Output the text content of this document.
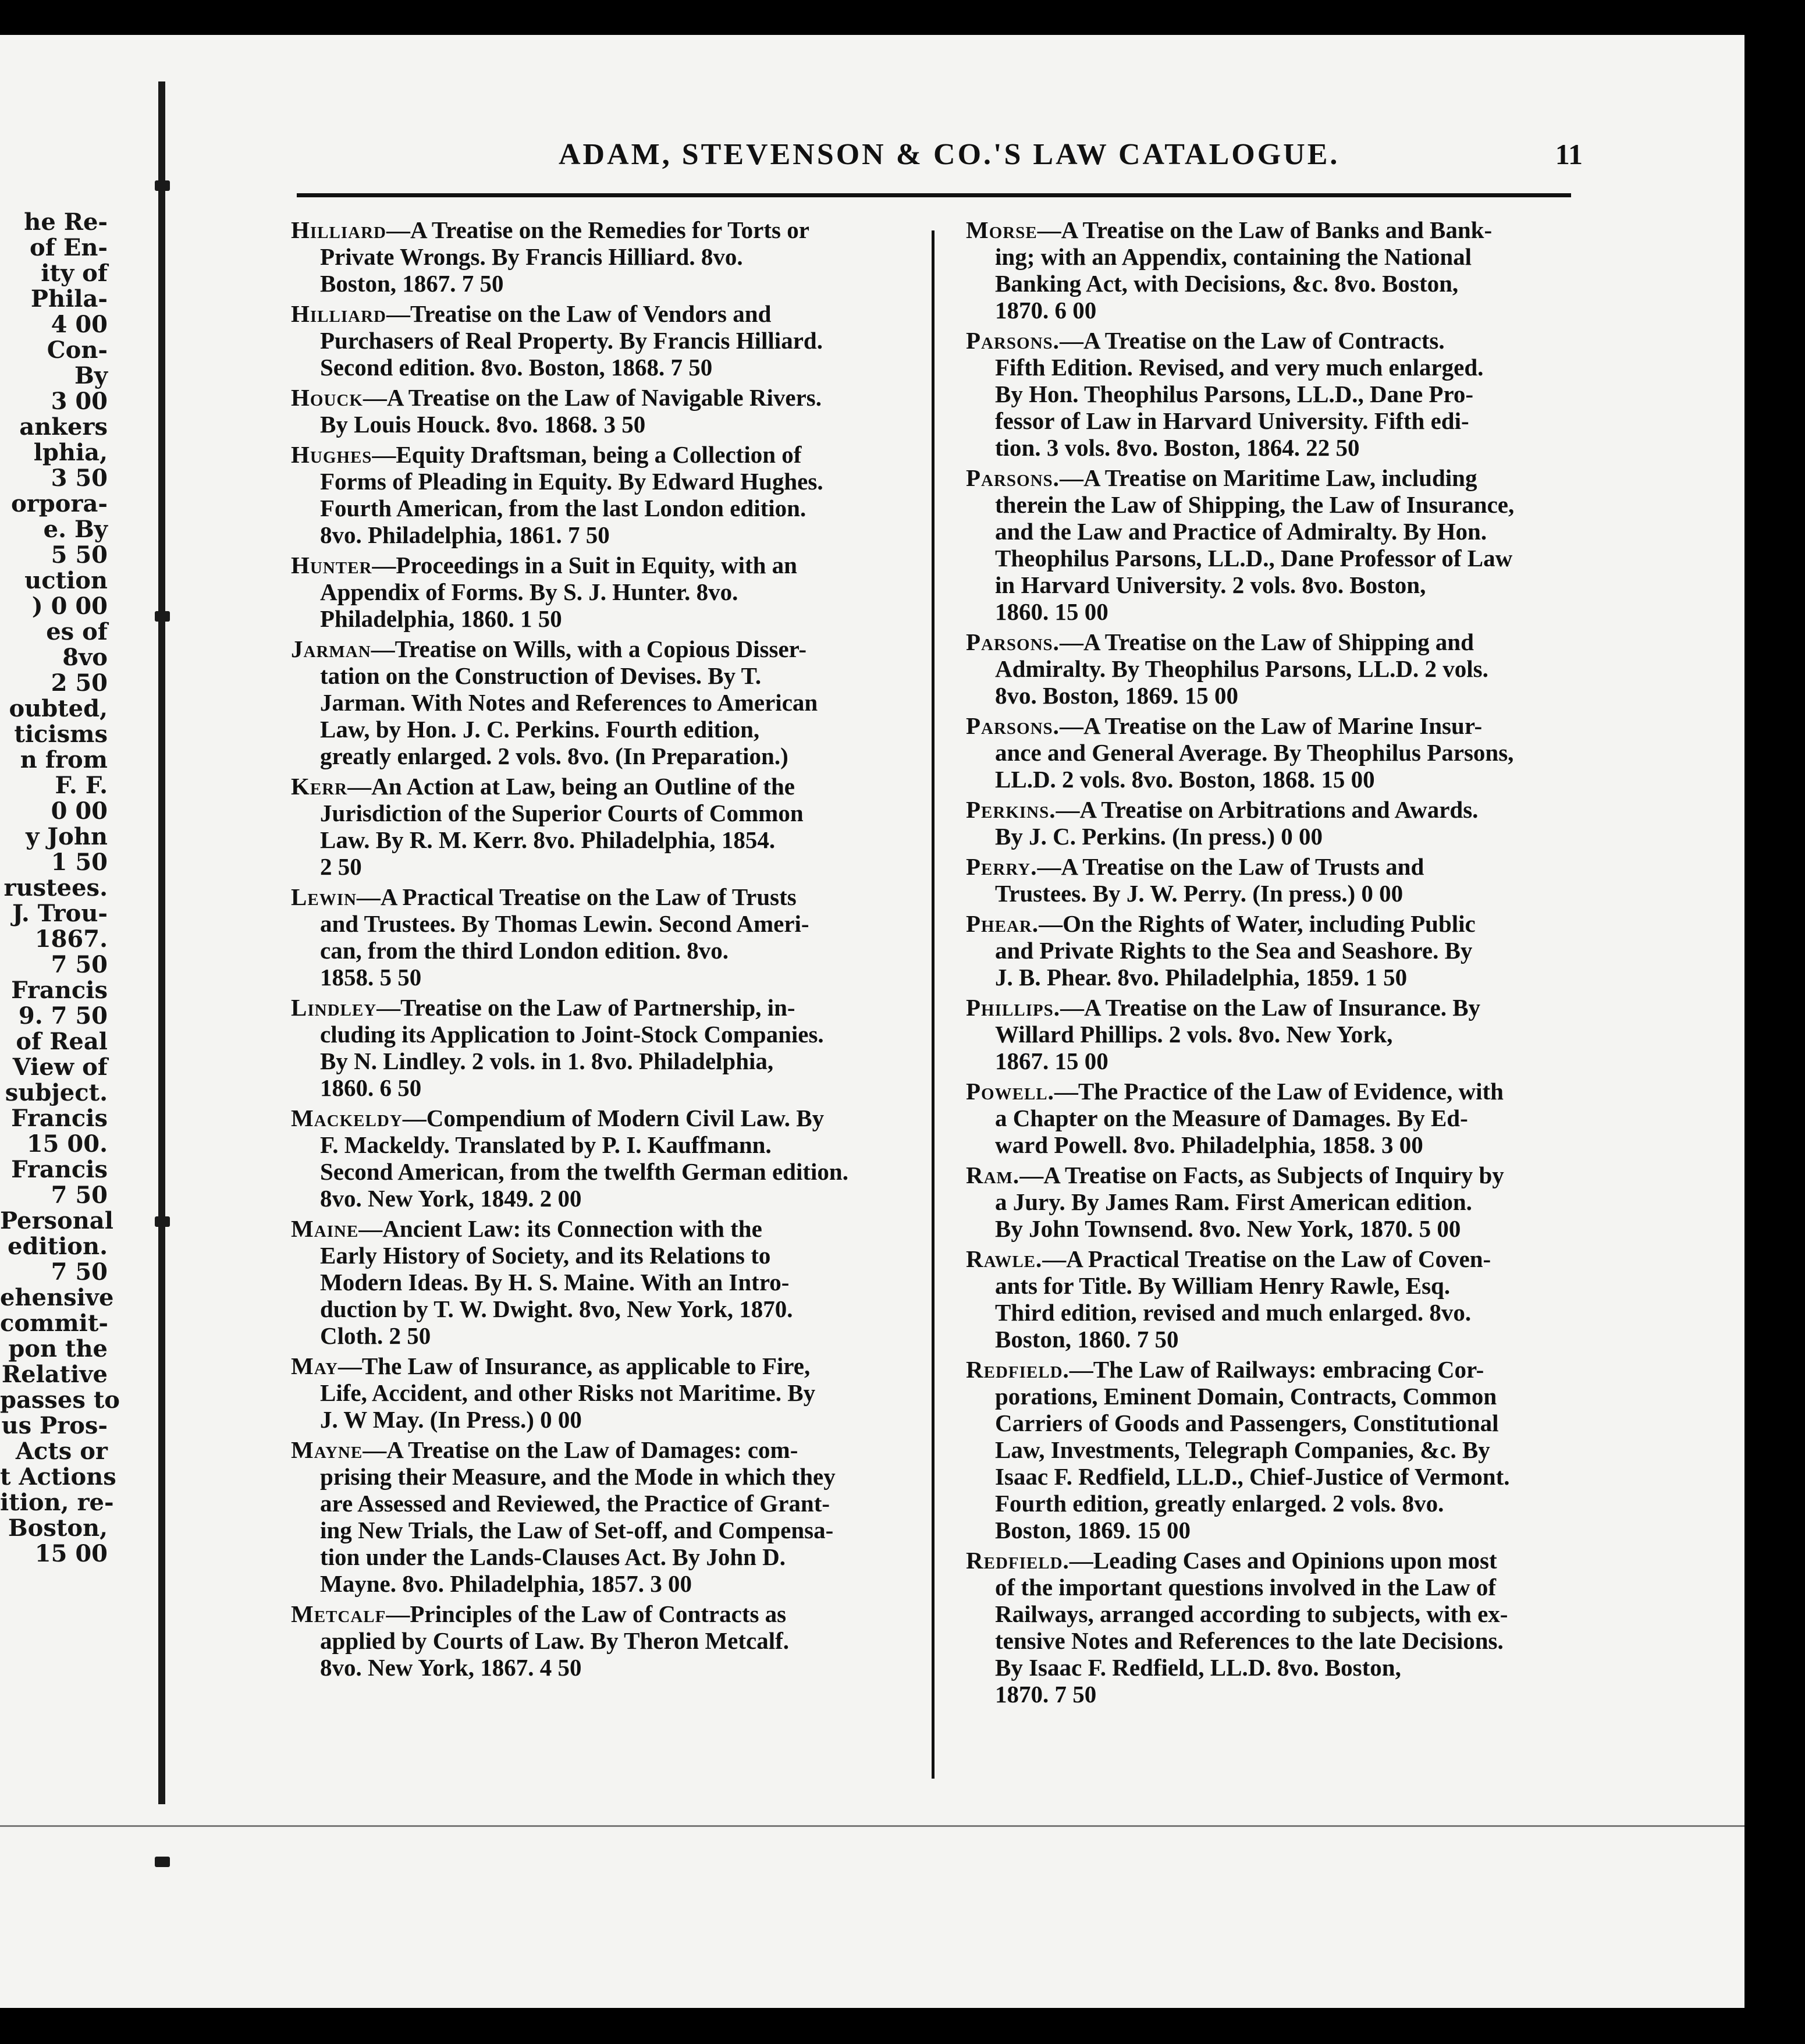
he Re-
of En-
ity of
Phila-
4 00
Con-
By
3 00
ankers
lphia,
3 50
orpora-
e. By
5 50
uction
) 0 00
es of
8vo
2 50
oubted,
ticisms
n from
F. F.
0 00
y John
1 50
rustees.
J. Trou-
1867.
7 50
Francis
9. 7 50
of Real
View of
subject.
Francis
15 00.
Francis
7 50
Personal
edition.
7 50
ehensive
commit-
pon the
Relative
passes to
us Pros-
Acts or
t Actions
ition, re-
Boston,
15 00
ADAM, STEVENSON & CO.'S LAW CATALOGUE.	11
Hilliard—A Treatise on the Remedies for Torts or
Private Wrongs. By Francis Hilliard. 8vo.
Boston, 1867. 7 50
Hilliard—Treatise on the Law of Vendors and
Purchasers of Real Property. By Francis Hilliard.
Second edition. 8vo. Boston, 1868. 7 50
Houck—A Treatise on the Law of Navigable Rivers.
By Louis Houck. 8vo. 1868. 3 50
Hughes—Equity Draftsman, being a Collection of
Forms of Pleading in Equity. By Edward Hughes.
Fourth American, from the last London edition.
8vo. Philadelphia, 1861. 7 50
Hunter—Proceedings in a Suit in Equity, with an
Appendix of Forms. By S. J. Hunter. 8vo.
Philadelphia, 1860. 1 50
Jarman—Treatise on Wills, with a Copious Disser-
tation on the Construction of Devises. By T.
Jarman. With Notes and References to American
Law, by Hon. J. C. Perkins. Fourth edition,
greatly enlarged. 2 vols. 8vo. (In Preparation.)
Kerr—An Action at Law, being an Outline of the
Jurisdiction of the Superior Courts of Common
Law. By R. M. Kerr. 8vo. Philadelphia, 1854.
2 50
Lewin—A Practical Treatise on the Law of Trusts
and Trustees. By Thomas Lewin. Second Ameri-
can, from the third London edition. 8vo.
1858. 5 50
Lindley—Treatise on the Law of Partnership, in-
cluding its Application to Joint-Stock Companies.
By N. Lindley. 2 vols. in 1. 8vo. Philadelphia,
1860. 6 50
Mackeldy—Compendium of Modern Civil Law. By
F. Mackeldy. Translated by P. I. Kauffmann.
Second American, from the twelfth German edition.
8vo. New York, 1849. 2 00
Maine—Ancient Law: its Connection with the
Early History of Society, and its Relations to
Modern Ideas. By H. S. Maine. With an Intro-
duction by T. W. Dwight. 8vo, New York, 1870.
Cloth. 2 50
May—The Law of Insurance, as applicable to Fire,
Life, Accident, and other Risks not Maritime. By
J. W May. (In Press.) 0 00
Mayne—A Treatise on the Law of Damages: com-
prising their Measure, and the Mode in which they
are Assessed and Reviewed, the Practice of Grant-
ing New Trials, the Law of Set-off, and Compensa-
tion under the Lands-Clauses Act. By John D.
Mayne. 8vo. Philadelphia, 1857. 3 00
Metcalf—Principles of the Law of Contracts as
applied by Courts of Law. By Theron Metcalf.
8vo. New York, 1867. 4 50
Morse—A Treatise on the Law of Banks and Bank-
ing; with an Appendix, containing the National
Banking Act, with Decisions, &c. 8vo. Boston,
1870. 6 00
Parsons.—A Treatise on the Law of Contracts.
Fifth Edition. Revised, and very much enlarged.
By Hon. Theophilus Parsons, LL.D., Dane Pro-
fessor of Law in Harvard University. Fifth edi-
tion. 3 vols. 8vo. Boston, 1864. 22 50
Parsons.—A Treatise on Maritime Law, including
therein the Law of Shipping, the Law of Insurance,
and the Law and Practice of Admiralty. By Hon.
Theophilus Parsons, LL.D., Dane Professor of Law
in Harvard University. 2 vols. 8vo. Boston,
1860. 15 00
Parsons.—A Treatise on the Law of Shipping and
Admiralty. By Theophilus Parsons, LL.D. 2 vols.
8vo. Boston, 1869. 15 00
Parsons.—A Treatise on the Law of Marine Insur-
ance and General Average. By Theophilus Parsons,
LL.D. 2 vols. 8vo. Boston, 1868. 15 00
Perkins.—A Treatise on Arbitrations and Awards.
By J. C. Perkins. (In press.) 0 00
Perry.—A Treatise on the Law of Trusts and
Trustees. By J. W. Perry. (In press.) 0 00
Phear.—On the Rights of Water, including Public
and Private Rights to the Sea and Seashore. By
J. B. Phear. 8vo. Philadelphia, 1859. 1 50
Phillips.—A Treatise on the Law of Insurance. By
Willard Phillips. 2 vols. 8vo. New York,
1867. 15 00
Powell.—The Practice of the Law of Evidence, with
a Chapter on the Measure of Damages. By Ed-
ward Powell. 8vo. Philadelphia, 1858. 3 00
Ram.—A Treatise on Facts, as Subjects of Inquiry by
a Jury. By James Ram. First American edition.
By John Townsend. 8vo. New York, 1870. 5 00
Rawle.—A Practical Treatise on the Law of Coven-
ants for Title. By William Henry Rawle, Esq.
Third edition, revised and much enlarged. 8vo.
Boston, 1860. 7 50
Redfield.—The Law of Railways: embracing Cor-
porations, Eminent Domain, Contracts, Common
Carriers of Goods and Passengers, Constitutional
Law, Investments, Telegraph Companies, &c. By
Isaac F. Redfield, LL.D., Chief-Justice of Vermont.
Fourth edition, greatly enlarged. 2 vols. 8vo.
Boston, 1869. 15 00
Redfield.—Leading Cases and Opinions upon most
of the important questions involved in the Law of
Railways, arranged according to subjects, with ex-
tensive Notes and References to the late Decisions.
By Isaac F. Redfield, LL.D. 8vo. Boston,
1870. 7 50
